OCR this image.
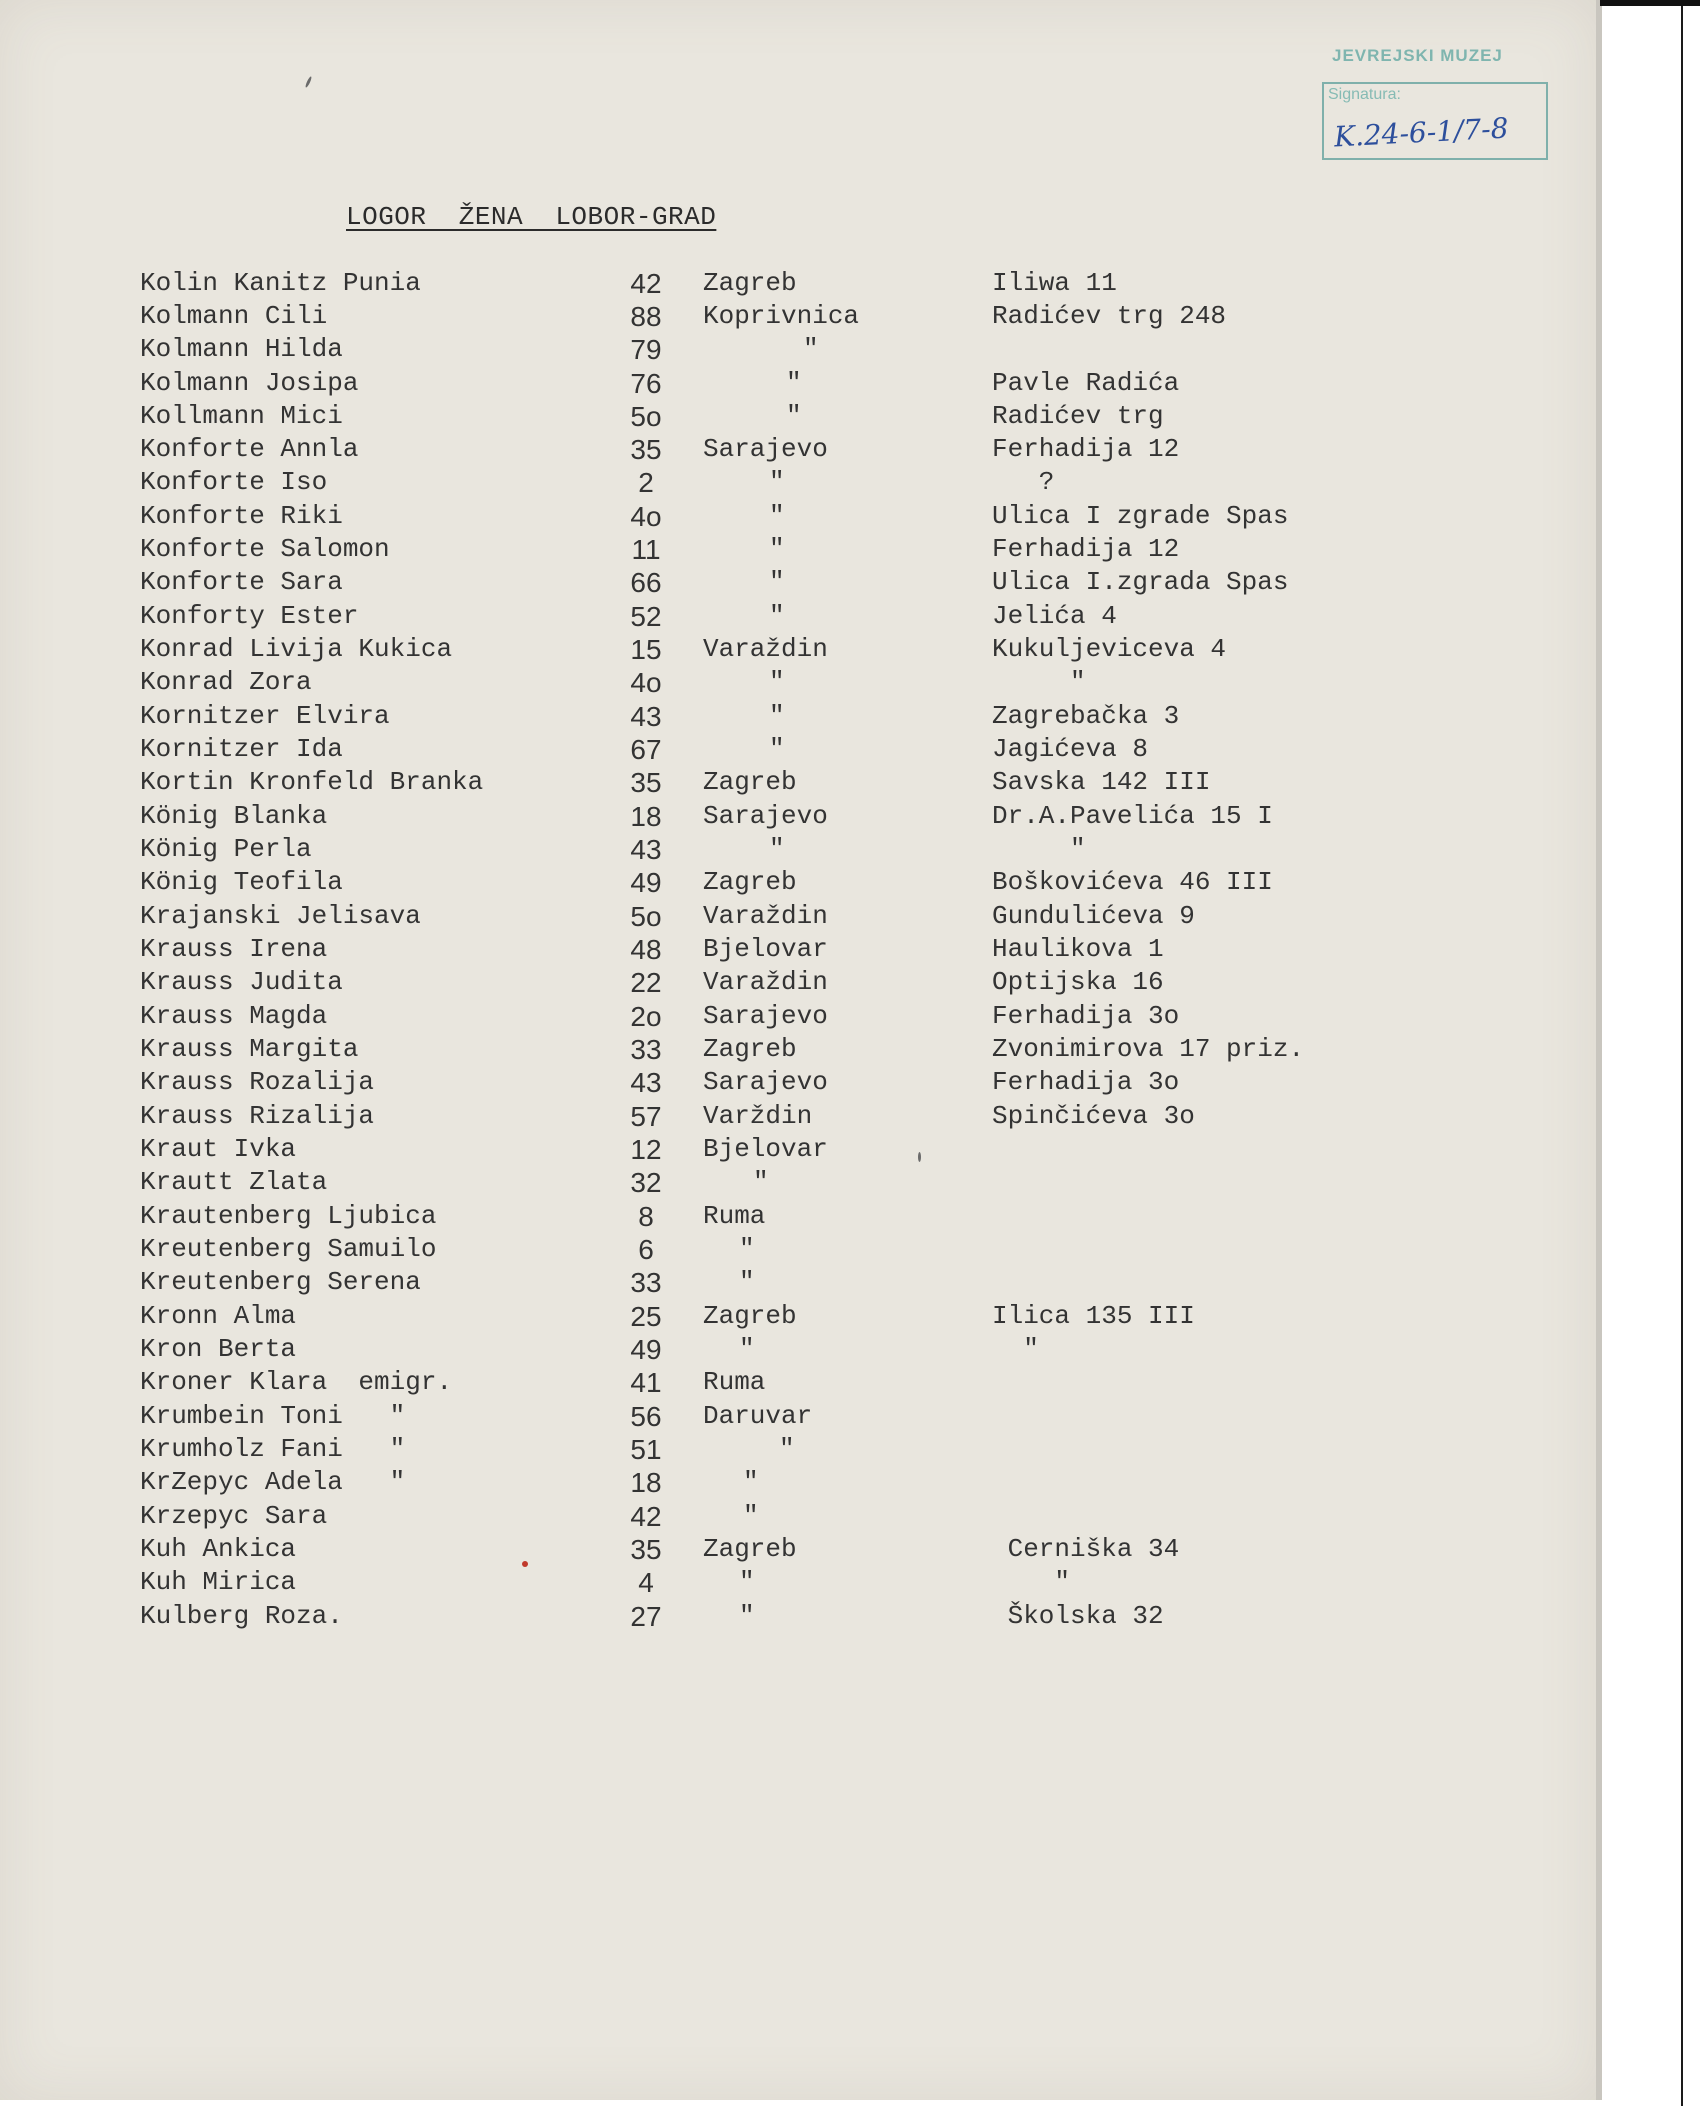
JEVREJSKI MUZEJ
Signatura:
K.24-6-1/7-8
LOGOR  ŽENA  LOBOR-GRAD
Kolin Kanitz Punia	42	Zagreb	Iliwa 11
Kolmann Cili	88	Koprivnica	Radićev trg 248
Kolmann Hilda	79	"
Kolmann Josipa	76	"	Pavle Radića
Kollmann Mici	5o	"	Radićev trg
Konforte Annla	35	Sarajevo	Ferhadija 12
Konforte Iso	2	"	?
Konforte Riki	4o	"	Ulica I zgrade Spas
Konforte Salomon	11	"	Ferhadija 12
Konforte Sara	66	"	Ulica I.zgrada Spas
Konforty Ester	52	"	Jelića 4
Konrad Livija Kukica	15	Varaždin	Kukuljeviceva 4
Konrad Zora	4o	"	"
Kornitzer Elvira	43	"	Zagrebačka 3
Kornitzer Ida	67	"	Jagićeva 8
Kortin Kronfeld Branka	35	Zagreb	Savska 142 III
König Blanka	18	Sarajevo	Dr.A.Pavelića 15 I
König Perla	43	"	"
König Teofila	49	Zagreb	Boškovićeva 46 III
Krajanski Jelisava	5o	Varaždin	Gundulićeva 9
Krauss Irena	48	Bjelovar	Haulikova 1
Krauss Judita	22	Varaždin	Optijska 16
Krauss Magda	2o	Sarajevo	Ferhadija 3o
Krauss Margita	33	Zagreb	Zvonimirova 17 priz.
Krauss Rozalija	43	Sarajevo	Ferhadija 3o
Krauss Rizalija	57	Varždin	Spinčićeva 3o
Kraut Ivka	12	Bjelovar
Krautt Zlata	32	"
Krautenberg Ljubica	8	Ruma
Kreutenberg Samuilo	6	"
Kreutenberg Serena	33	"
Kronn Alma	25	Zagreb	Ilica 135 III
Kron Berta	49	"	"
Kroner Klara  emigr.	41	Ruma
Krumbein Toni   "	56	Daruvar
Krumholz Fani   "	51	"
KrZepyc Adela   "	18	"
Krzepyc Sara	42	"
Kuh Ankica	35	Zagreb	Cerniška 34
Kuh Mirica	4	"	"
Kulberg Roza.	27	"	Školska 32
